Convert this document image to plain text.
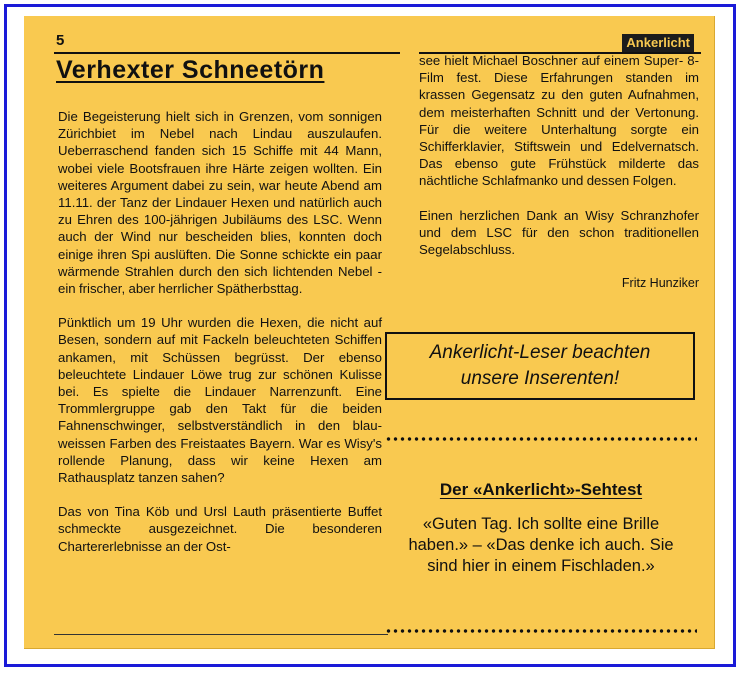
5	Ankerlicht
Verhexter Schneetörn

Die Begeisterung hielt sich in Grenzen, vom sonnigen Zürichbiet im Nebel nach Lindau auszulaufen. Ueberraschend fanden sich 15 Schiffe mit 44 Mann, wobei viele Bootsfrauen ihre Härte zeigen wollten. Ein weiteres Argument dabei zu sein, war heute Abend am 11.11. der Tanz der Lindauer Hexen und natürlich auch zu Ehren des 100-jährigen Jubiläums des LSC. Wenn auch der Wind nur bescheiden blies, konnten doch einige ihren Spi auslüften. Die Sonne schickte ein paar wärmende Strahlen durch den sich lichtenden Nebel - ein frischer, aber herrlicher Spätherbsttag.

Pünktlich um 19 Uhr wurden die Hexen, die nicht auf Besen, sondern auf mit Fackeln beleuchteten Schiffen ankamen, mit Schüssen begrüsst. Der ebenso beleuchtete Lindauer Löwe trug zur schönen Kulisse bei. Es spielte die Lindauer Narrenzunft. Eine Trommlergruppe gab den Takt für die beiden Fahnenschwinger, selbstverständlich in den blau-weissen Farben des Freistaates Bayern. War es Wisy's rollende Planung, dass wir keine Hexen am Rathausplatz tanzen sahen?

Das von Tina Köb und Ursl Lauth präsentierte Buffet schmeckte ausgezeichnet. Die besonderen Chartererlebnisse an der Ost-

see hielt Michael Boschner auf einem Super- 8-Film fest. Diese Erfahrungen standen im krassen Gegensatz zu den guten Aufnahmen, dem meisterhaften Schnitt und der Vertonung. Für die weitere Unterhaltung sorgte ein Schifferklavier, Stiftswein und Edelvernatsch. Das ebenso gute Frühstück milderte das nächtliche Schlafmanko und dessen Folgen.

Einen herzlichen Dank an Wisy Schranzhofer und dem LSC für den schon traditionellen Segelabschluss.

Fritz Hunziker

Ankerlicht-Leser beachten
unsere Inserenten!
Der «Ankerlicht»-Sehtest
«Guten Tag. Ich sollte eine Brille haben.» – «Das denke ich auch. Sie sind hier in einem Fischladen.»
